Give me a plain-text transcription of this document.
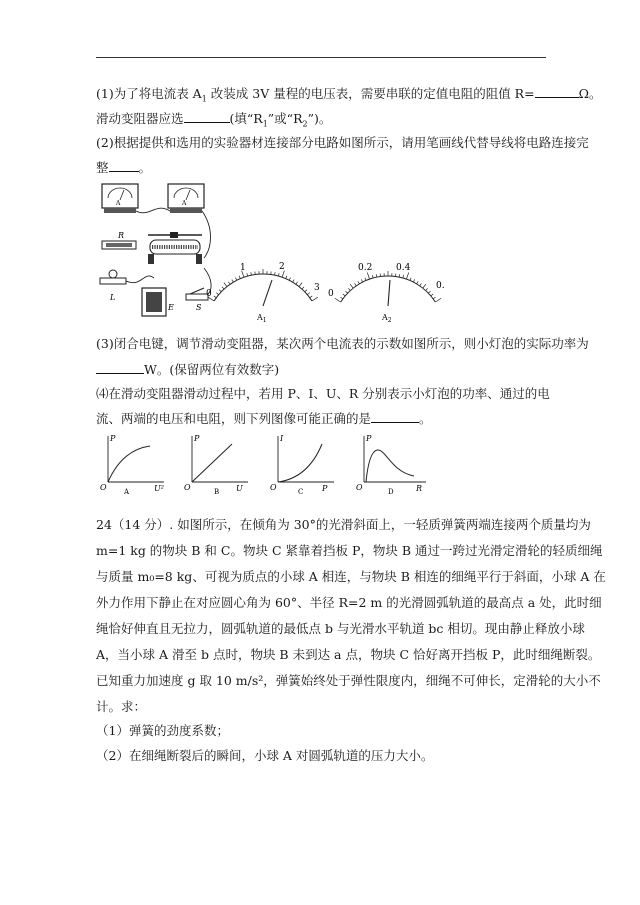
(1)为了将电流表 $A_1$ 改装成 3V 量程的电压表，需要串联的定值电阻的阻值 R=	Ω。
滑动变阻器应选	(填“$R_1$”或“$R_2$”)。
(2)根据提供和选用的实验器材连接部分电路如图所示，请用笔画线代替导线将电路连接完
整 。
A	A
R
L
E	S
0
1	2
3
$A_1$
0
0.2	0.4
0.
$A_2$
(3)闭合电键，调节滑动变阻器，某次两个电流表的示数如图所示，则小灯泡的实际功率为
W。(保留两位有效数字)
⑷在滑动变阻器滑动过程中，若用 P、I、U、R 分别表示小灯泡的功率、通过的电
流、两端的电压和电阻，则下列图像可能正确的是	。
P
U²
O A
P
U
O	B
I
P
O	C
P
R
O	D
24（14 分）. 如图所示，在倾角为 30°的光滑斜面上，一轻质弹簧两端连接两个质量均为
m=1 kg 的物块 B 和 C。物块 C 紧靠着挡板 P，物块 B 通过一跨过光滑定滑轮的轻质细绳
与质量 m₀=8 kg、可视为质点的小球 A 相连，与物块 B 相连的细绳平行于斜面，小球 A 在
外力作用下静止在对应圆心角为 60°、半径 R=2 m 的光滑圆弧轨道的最高点 a 处，此时细
绳恰好伸直且无拉力，圆弧轨道的最低点 b 与光滑水平轨道 bc 相切。现由静止释放小球
A，当小球 A 滑至 b 点时，物块 B 未到达 a 点，物块 C 恰好离开挡板 P，此时细绳断裂。
已知重力加速度 g 取 10 m/s²，弹簧始终处于弹性限度内，细绳不可伸长，定滑轮的大小不
计。求：
（1）弹簧的劲度系数；
（2）在细绳断裂后的瞬间，小球 A 对圆弧轨道的压力大小。
